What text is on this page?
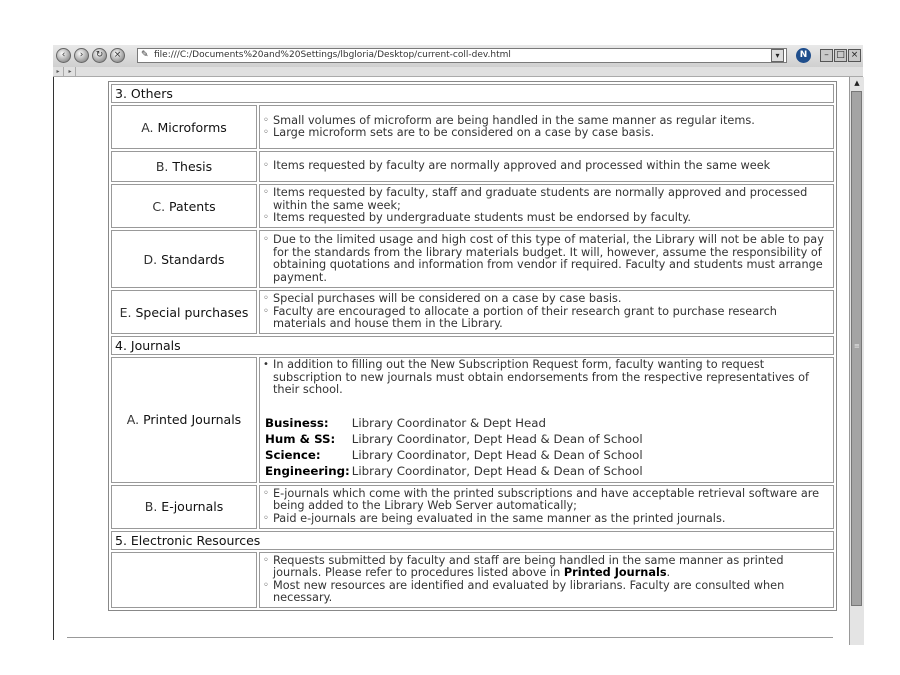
‹	›	↻	×	✎ file:///C:/Documents%20and%20Settings/lbgloria/Desktop/current-coll-dev.html	▾	N	– □ ×
▸	▸
3. Others
A. Microforms	
◦Small volumes of microform are being handled in the same manner as regular items.
◦ Large microform sets are to be considered on a case by case basis.

B. Thesis	
◦Items requested by faculty are normally approved and processed within the same week

C. Patents	
◦ Items requested by faculty, staff and graduate students are normally approved and processed within the same week;
◦ Items requested by undergraduate students must be endorsed by faculty.

D. Standards	
◦ Due to the limited usage and high cost of this type of material, the Library will not be able to pay for the standards from the library materials budget. It will, however, assume the responsibility of obtaining quotations and information from vendor if required. Faculty and students must arrange payment.

E. Special purchases	
◦ Special purchases will be considered on a case by case basis.
◦ Faculty are encouraged to allocate a portion of their research grant to purchase research materials and house them in the Library.

4. Journals
A. Printed Journals	
• In addition to filling out the New Subscription Request form, faculty wanting to request subscription to new journals must obtain endorsements from the respective representatives of their school.
Business:	Library Coordinator & Dept Head
Hum & SS:	Library Coordinator, Dept Head & Dean of School
Science:	Library Coordinator, Dept Head & Dean of School
Engineering:	Library Coordinator, Dept Head & Dean of School

B. E-journals	
◦ E-journals which come with the printed subscriptions and have acceptable retrieval software are being added to the Library Web Server automatically;
◦ Paid e-journals are being evaluated in the same manner as the printed journals.

5. Electronic Resources

◦ Requests submitted by faculty and staff are being handled in the same manner as printed journals. Please refer to procedures listed above in Printed Journals.
◦ Most new resources are identified and evaluated by librarians. Faculty are consulted when necessary.
▲
≡
